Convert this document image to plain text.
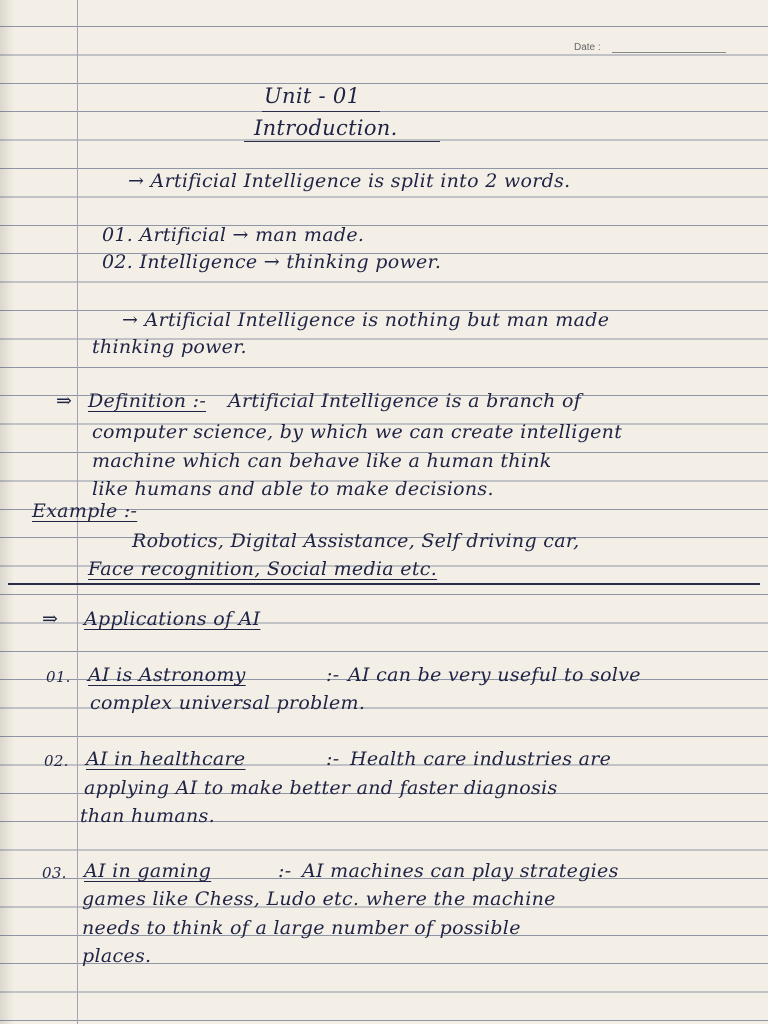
Date :
Unit - 01
Introduction.
→ Artificial Intelligence is split into 2 words.
01. Artificial → man made.
02. Intelligence → thinking power.
→ Artificial Intelligence is nothing but man made
thinking power.
⇒ Definition :- Artificial Intelligence is a branch of
computer science, by which we can create intelligent
machine which can behave like a human think
like humans and able to make decisions.
Example :-
Robotics, Digital Assistance, Self driving car,
Face recognition, Social media etc.
⇒ Applications of AI
01. AI is Astronomy	:- AI can be very useful to solve
complex universal problem.
02. AI in healthcare	:- Health care industries are
applying AI to make better and faster diagnosis
than humans.
03. AI in gaming	:- AI machines can play strategies
games like Chess, Ludo etc. where the machine
needs to think of a large number of possible
places.
